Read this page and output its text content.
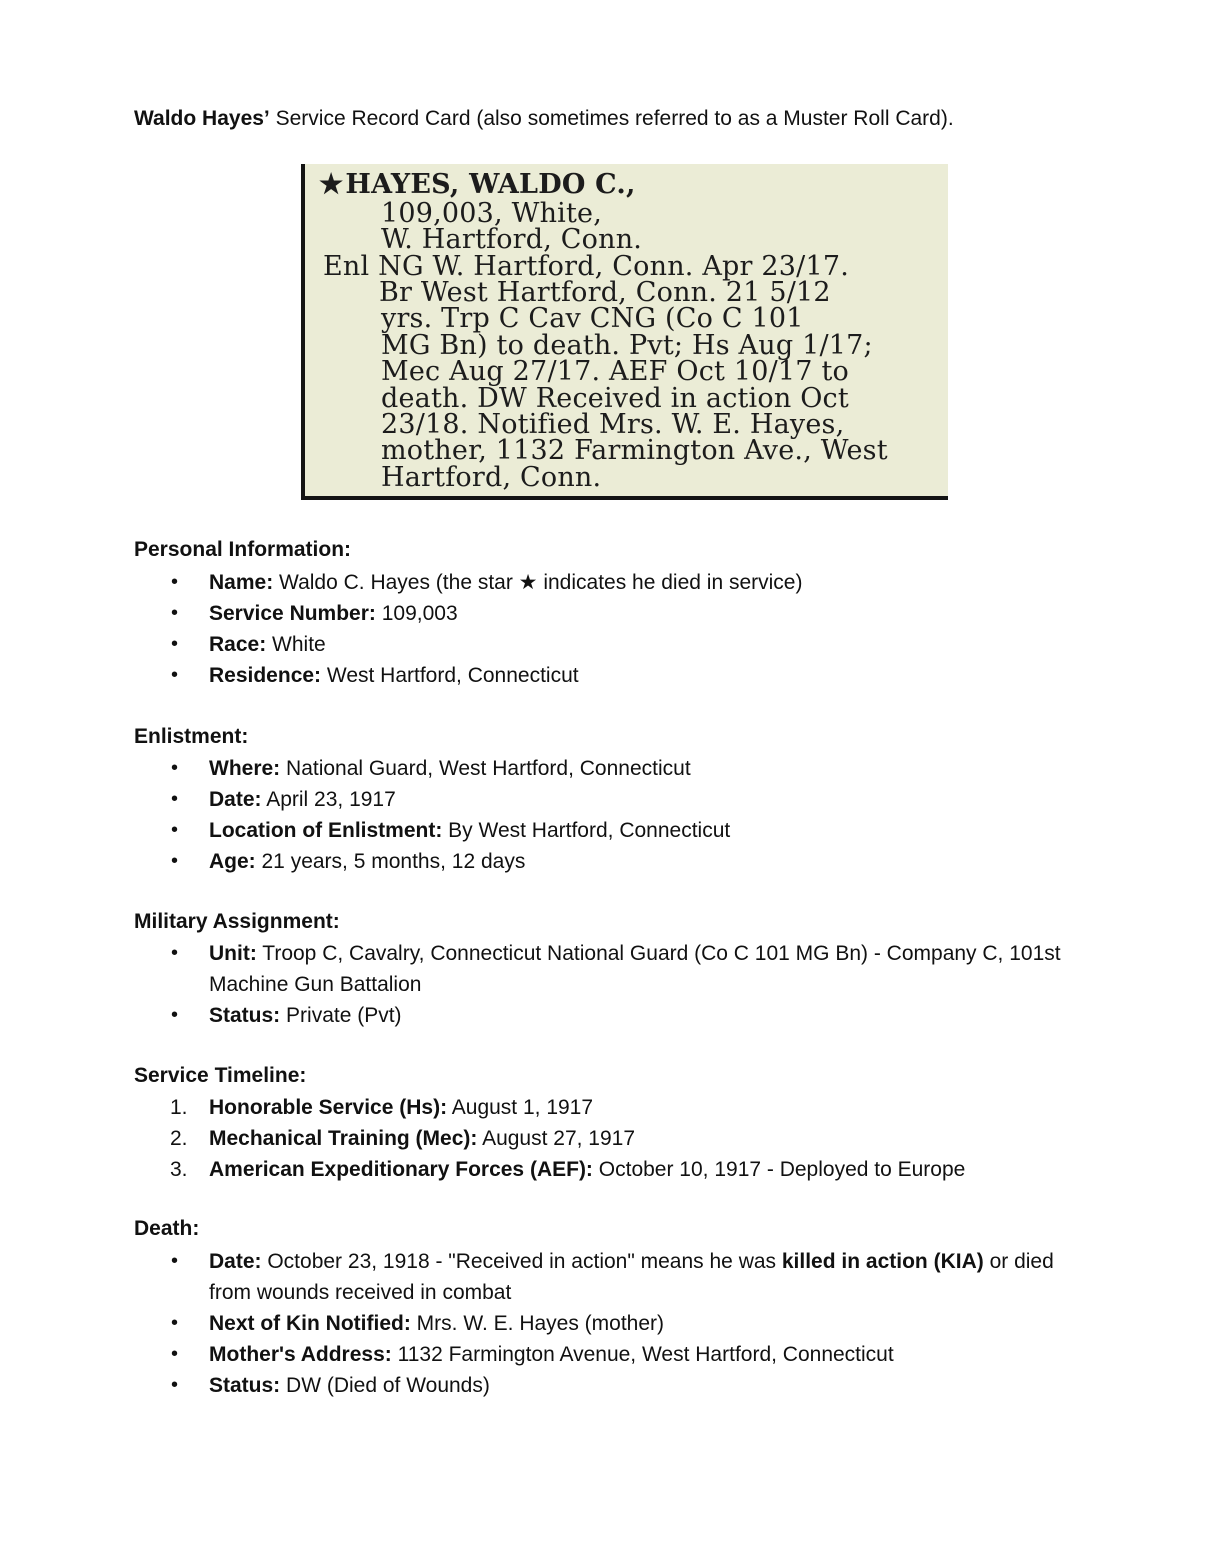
Waldo Hayes’ Service Record Card (also sometimes referred to as a Muster Roll Card).
★HAYES, WALDO C.,
109,003, White,
W. Hartford, Conn.
Enl NG W. Hartford, Conn. Apr 23/17.
Br West Hartford, Conn. 21 5/12
yrs. Trp C Cav CNG (Co C 101
MG Bn) to death. Pvt; Hs Aug 1/17;
Mec Aug 27/17. AEF Oct 10/17 to
death. DW Received in action Oct
23/18. Notified Mrs. W. E. Hayes,
mother, 1132 Farmington Ave., West
Hartford, Conn.
Personal Information:
• Name: Waldo C. Hayes (the star ★ indicates he died in service)
• Service Number: 109,003
• Race: White
• Residence: West Hartford, Connecticut
Enlistment:
• Where: National Guard, West Hartford, Connecticut
• Date: April 23, 1917
• Location of Enlistment: By West Hartford, Connecticut
• Age: 21 years, 5 months, 12 days
Military Assignment:
• Unit: Troop C, Cavalry, Connecticut National Guard (Co C 101 MG Bn) - Company C, 101st Machine Gun Battalion
• Status: Private (Pvt)
Service Timeline:
1. Honorable Service (Hs): August 1, 1917
2. Mechanical Training (Mec): August 27, 1917
3. American Expeditionary Forces (AEF): October 10, 1917 - Deployed to Europe
Death:
• Date: October 23, 1918 - "Received in action" means he was killed in action (KIA) or died from wounds received in combat
• Next of Kin Notified: Mrs. W. E. Hayes (mother)
• Mother's Address: 1132 Farmington Avenue, West Hartford, Connecticut
• Status: DW (Died of Wounds)
